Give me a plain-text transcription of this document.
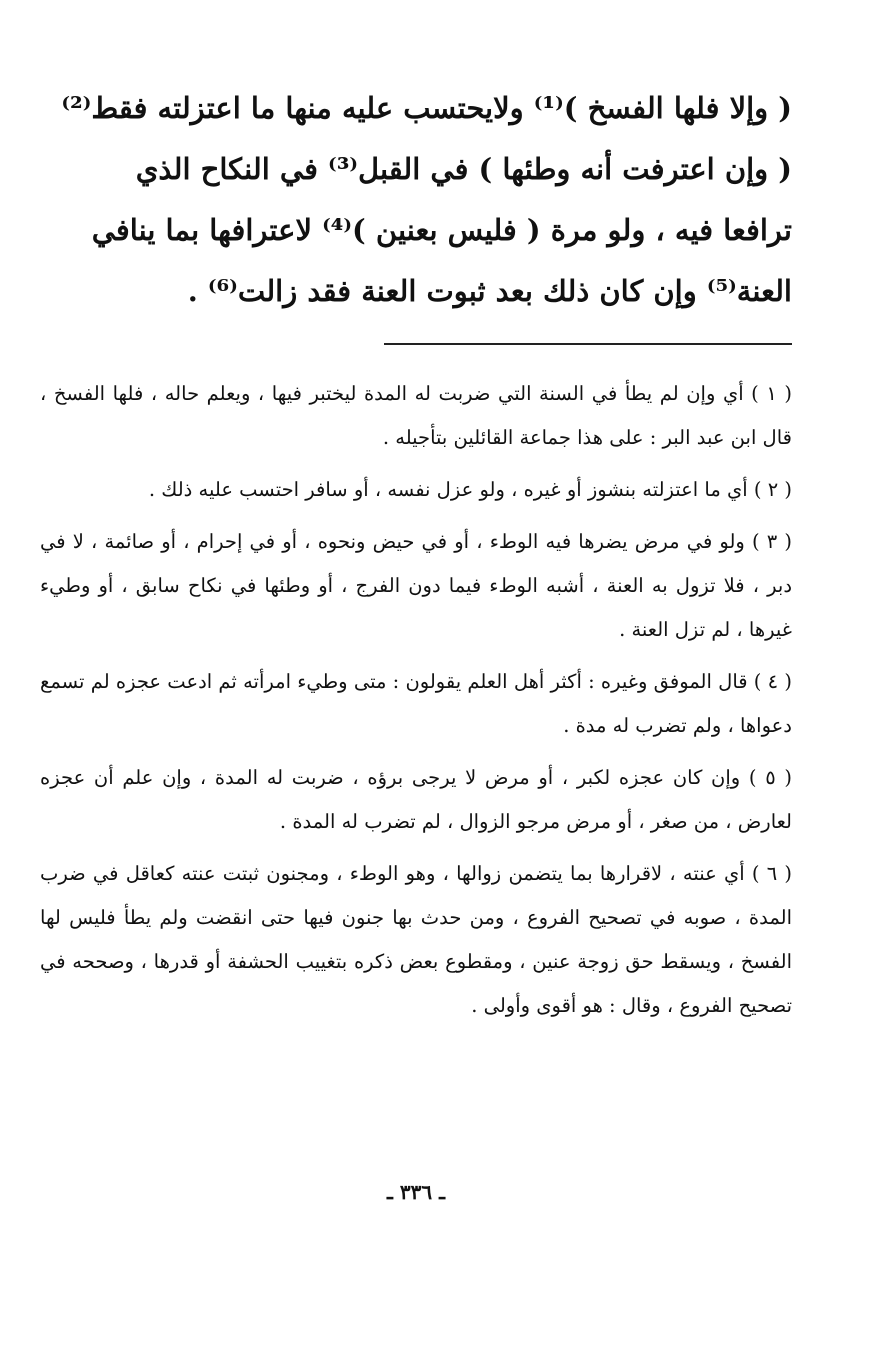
( وإلا فلها الفسخ )⁽¹⁾ ولايحتسب عليه منها ما اعتزلته فقط⁽²⁾
( وإن اعترفت أنه وطئها ) في القبل⁽³⁾ في النكاح الذي
ترافعا فيه ، ولو مرة ( فليس بعنين )⁽⁴⁾ لاعترافها بما ينافي
العنة⁽⁵⁾ وإن كان ذلك بعد ثبوت العنة فقد زالت⁽⁶⁾ .

( ١ ) أي وإن لم يطأ في السنة التي ضربت له المدة ليختبر فيها ، ويعلم حاله ، فلها الفسخ ، قال ابن عبد البر : على هذا جماعة القائلين بتأجيله .

( ٢ ) أي ما اعتزلته بنشوز أو غيره ، ولو عزل نفسه ، أو سافر احتسب عليه ذلك .

( ٣ ) ولو في مرض يضرها فيه الوطء ، أو في حيض ونحوه ، أو في إحرام ، أو صائمة ، لا في دبر ، فلا تزول به العنة ، أشبه الوطء فيما دون الفرج ، أو وطئها في نكاح سابق ، أو وطيء غيرها ، لم تزل العنة .

( ٤ ) قال الموفق وغيره : أكثر أهل العلم يقولون : متى وطيء امرأته ثم ادعت عجزه لم تسمع دعواها ، ولم تضرب له مدة .

( ٥ ) وإن كان عجزه لكبر ، أو مرض لا يرجى برؤه ، ضربت له المدة ، وإن علم أن عجزه لعارض ، من صغر ، أو مرض مرجو الزوال ، لم تضرب له المدة .

( ٦ ) أي عنته ، لاقرارها بما يتضمن زوالها ، وهو الوطء ، ومجنون ثبتت عنته كعاقل في ضرب المدة ، صوبه في تصحيح الفروع ، ومن حدث بها جنون فيها حتى انقضت ولم يطأ فليس لها الفسخ ، ويسقط حق زوجة عنين ، ومقطوع بعض ذكره بتغييب الحشفة أو قدرها ، وصححه في تصحيح الفروع ، وقال : هو أقوى وأولى .

ـ ٣٣٦ ـ
